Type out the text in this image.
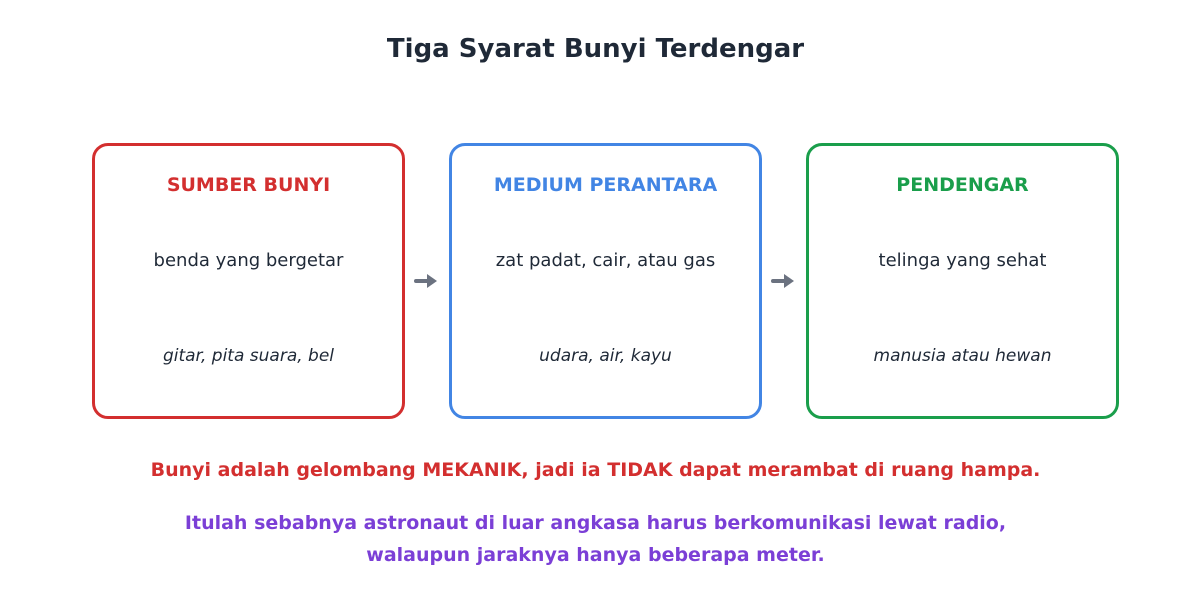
Tiga Syarat Bunyi Terdengar
SUMBER BUNYI
benda yang bergetar
gitar, pita suara, bel
MEDIUM PERANTARA
zat padat, cair, atau gas
udara, air, kayu
PENDENGAR
telinga yang sehat
manusia atau hewan
Bunyi adalah gelombang MEKANIK, jadi ia TIDAK dapat merambat di ruang hampa.
Itulah sebabnya astronaut di luar angkasa harus berkomunikasi lewat radio,
walaupun jaraknya hanya beberapa meter.
